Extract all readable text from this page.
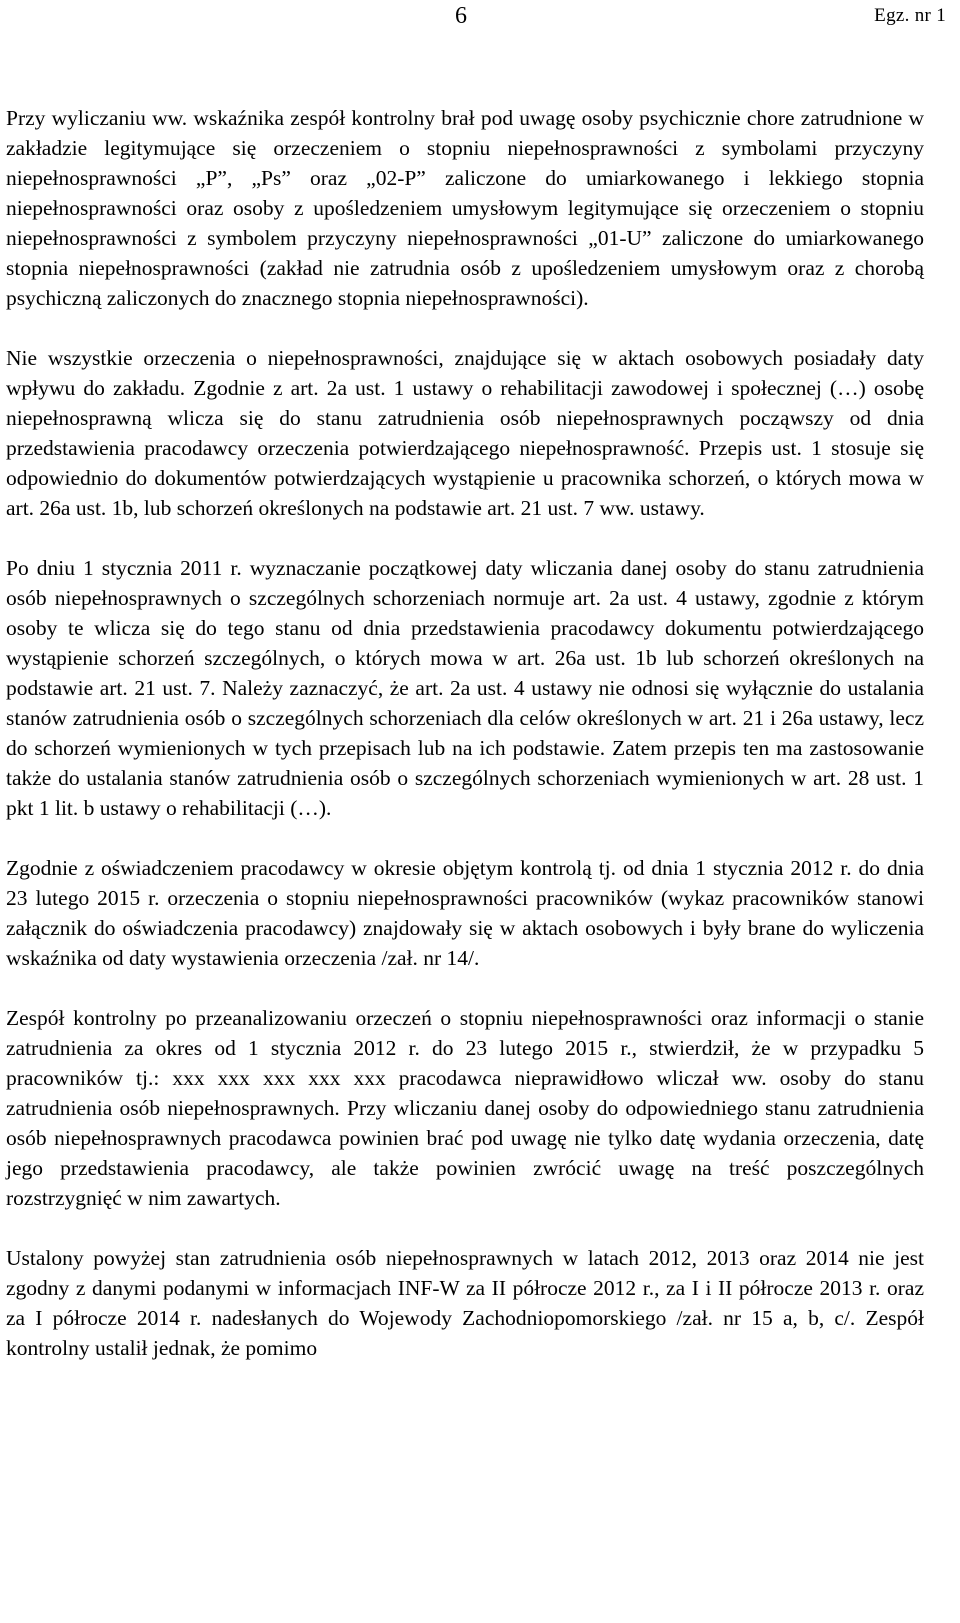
6	Egz. nr 1

Przy wyliczaniu ww. wskaźnika zespół kontrolny brał pod uwagę osoby psychicznie chore zatrudnione w zakładzie legitymujące się orzeczeniem o stopniu niepełnosprawności z symbolami przyczyny niepełnosprawności „P”, „Ps” oraz „02-P” zaliczone do umiarkowanego i lekkiego stopnia niepełnosprawności oraz osoby z upośledzeniem umysłowym legitymujące się orzeczeniem o stopniu niepełnosprawności z symbolem przyczyny niepełnosprawności „01-U” zaliczone do umiarkowanego stopnia niepełnosprawności (zakład nie zatrudnia osób z upośledzeniem umysłowym oraz z chorobą psychiczną zaliczonych do znacznego stopnia niepełnosprawności).

Nie wszystkie orzeczenia o niepełnosprawności, znajdujące się w aktach osobowych posiadały daty wpływu do zakładu. Zgodnie z art. 2a ust. 1 ustawy o rehabilitacji zawodowej i społecznej (…) osobę niepełnosprawną wlicza się do stanu zatrudnienia osób niepełnosprawnych począwszy od dnia przedstawienia pracodawcy orzeczenia potwierdzającego niepełnosprawność. Przepis ust. 1 stosuje się odpowiednio do dokumentów potwierdzających wystąpienie u pracownika schorzeń, o których mowa w art. 26a ust. 1b, lub schorzeń określonych na podstawie art. 21 ust. 7 ww. ustawy.

Po dniu 1 stycznia 2011 r. wyznaczanie początkowej daty wliczania danej osoby do stanu zatrudnienia osób niepełnosprawnych o szczególnych schorzeniach normuje art. 2a ust. 4 ustawy, zgodnie z którym osoby te wlicza się do tego stanu od dnia przedstawienia pracodawcy dokumentu potwierdzającego wystąpienie schorzeń szczególnych, o których mowa w art. 26a ust. 1b lub schorzeń określonych na podstawie art. 21 ust. 7. Należy zaznaczyć, że art. 2a ust. 4 ustawy nie odnosi się wyłącznie do ustalania stanów zatrudnienia osób o szczególnych schorzeniach dla celów określonych w art. 21 i 26a ustawy, lecz do schorzeń wymienionych w tych przepisach lub na ich podstawie. Zatem przepis ten ma zastosowanie także do ustalania stanów zatrudnienia osób o szczególnych schorzeniach wymienionych w art. 28 ust. 1 pkt 1 lit. b ustawy o rehabilitacji (…).

Zgodnie z oświadczeniem pracodawcy w okresie objętym kontrolą tj. od dnia 1 stycznia 2012 r. do dnia 23 lutego 2015 r. orzeczenia o stopniu niepełnosprawności pracowników (wykaz pracowników stanowi załącznik do oświadczenia pracodawcy) znajdowały się w aktach osobowych i były brane do wyliczenia wskaźnika od daty wystawienia orzeczenia /zał. nr 14/.

Zespół kontrolny po przeanalizowaniu orzeczeń o stopniu niepełnosprawności oraz informacji o stanie zatrudnienia za okres od 1 stycznia 2012 r. do 23 lutego 2015 r., stwierdził, że w przypadku 5 pracowników tj.: xxx xxx xxx xxx xxx pracodawca nieprawidłowo wliczał ww. osoby do stanu zatrudnienia osób niepełnosprawnych. Przy wliczaniu danej osoby do odpowiedniego stanu zatrudnienia osób niepełnosprawnych pracodawca powinien brać pod uwagę nie tylko datę wydania orzeczenia, datę jego przedstawienia pracodawcy, ale także powinien zwrócić uwagę na treść poszczególnych rozstrzygnięć w nim zawartych.

Ustalony powyżej stan zatrudnienia osób niepełnosprawnych w latach 2012, 2013 oraz 2014 nie jest zgodny z danymi podanymi w informacjach INF-W za II półrocze 2012 r., za I i II półrocze 2013 r. oraz za I półrocze 2014 r. nadesłanych do Wojewody Zachodniopomorskiego /zał. nr 15 a, b, c/. Zespół kontrolny ustalił jednak, że pomimo
